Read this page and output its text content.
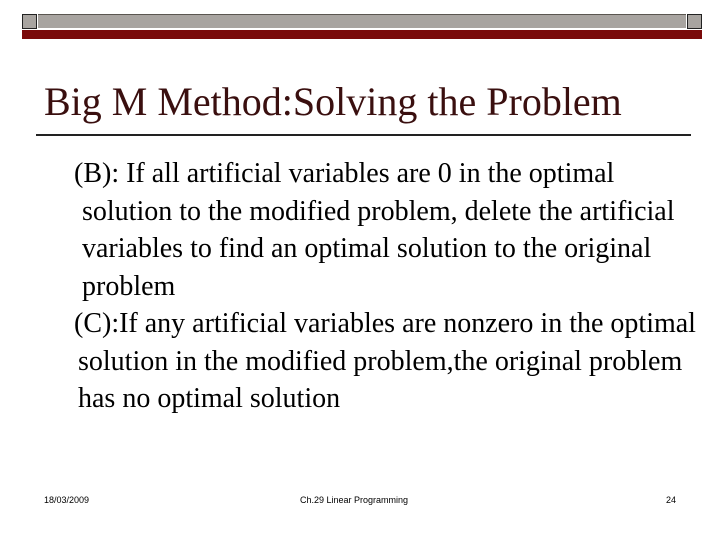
Big M Method:Solving the Problem

(B): If all artificial variables are 0 in the optimal solution to the modified problem, delete the artificial variables to find an optimal solution to the original problem

(C):If any artificial variables are nonzero in the optimal solution in the modified problem,the original problem has no optimal solution

18/03/2009	Ch.29 Linear Programming	24
